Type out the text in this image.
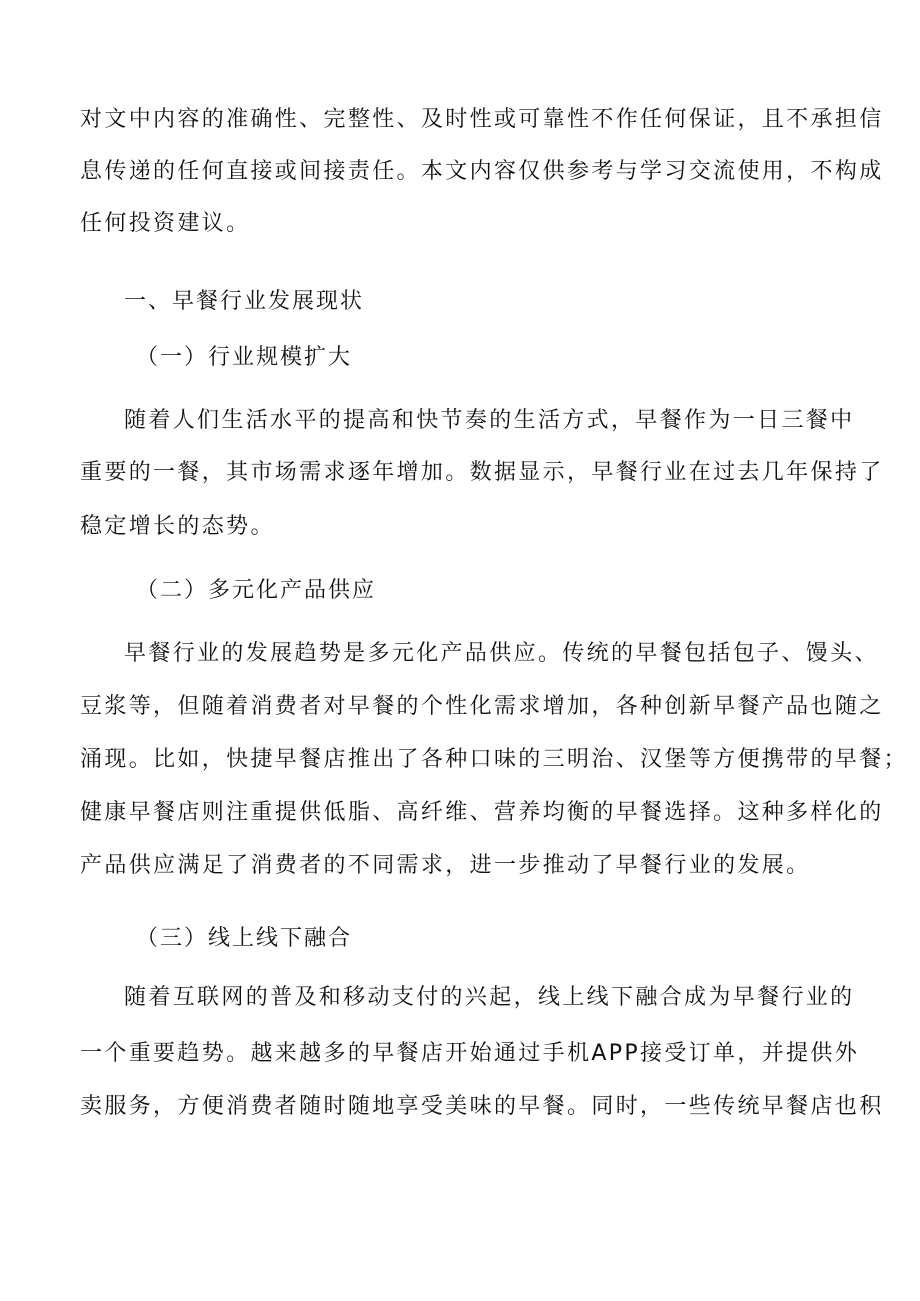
对文中内容的准确性、完整性、及时性或可靠性不作任何保证，且不承担信
息传递的任何直接或间接责任。本文内容仅供参考与学习交流使用，不构成
任何投资建议。
一、早餐行业发展现状
（一）行业规模扩大
随着人们生活水平的提高和快节奏的生活方式，早餐作为一日三餐中
重要的一餐，其市场需求逐年增加。数据显示，早餐行业在过去几年保持了
稳定增长的态势。
（二）多元化产品供应
早餐行业的发展趋势是多元化产品供应。传统的早餐包括包子、馒头、
豆浆等，但随着消费者对早餐的个性化需求增加，各种创新早餐产品也随之
涌现。比如，快捷早餐店推出了各种口味的三明治、汉堡等方便携带的早餐；
健康早餐店则注重提供低脂、高纤维、营养均衡的早餐选择。这种多样化的
产品供应满足了消费者的不同需求，进一步推动了早餐行业的发展。
（三）线上线下融合
随着互联网的普及和移动支付的兴起，线上线下融合成为早餐行业的
一个重要趋势。越来越多的早餐店开始通过手机APP接受订单，并提供外
卖服务，方便消费者随时随地享受美味的早餐。同时，一些传统早餐店也积
